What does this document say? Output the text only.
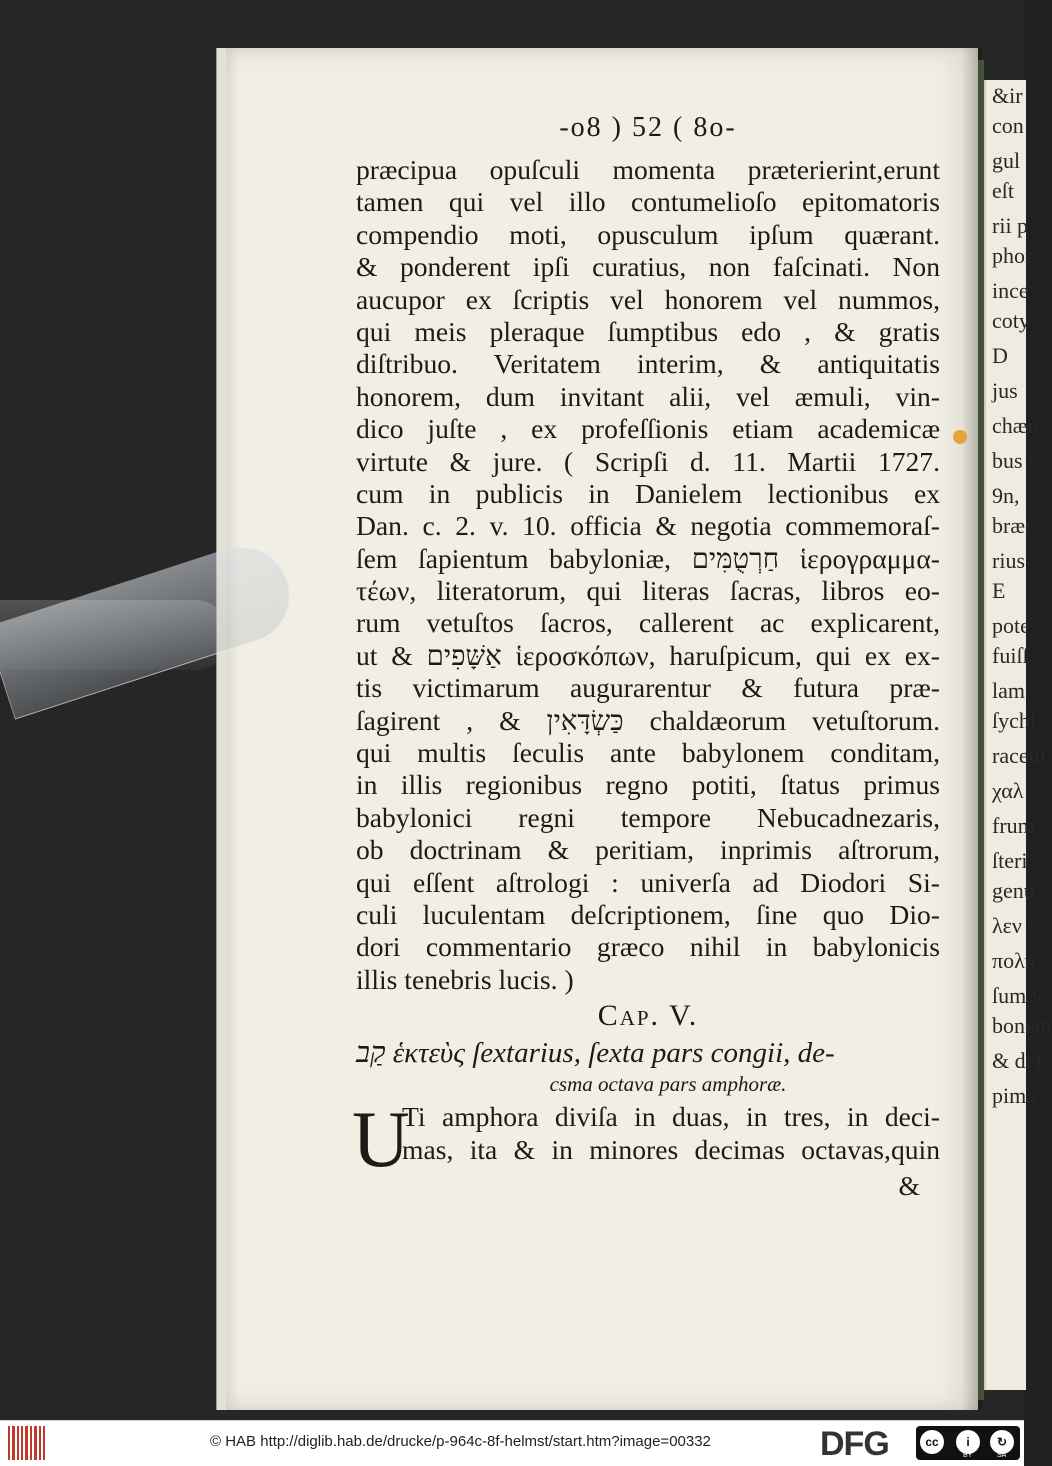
&ir
con
gul
eſt
rii p
phor
ince
coty
D
jus
chæn
bus c
9n,
bræc
rius
E
pote:
fuiſſ
lam
ſychi
racem
χαλ
frum
ſteri
genu
λεν τ
πολυ
ſum v
bonem
& def
pima
-o8 ) 52 ( 8o-
præcipua opuſculi momenta præterierint,erunt
tamen qui vel illo contumelioſo epitomatoris
compendio moti, opusculum ipſum quærant.
& ponderent ipſi curatius, non faſcinati. Non
aucupor ex ſcriptis vel honorem vel nummos,
qui meis pleraque ſumptibus edo , & gratis
diſtribuo. Veritatem interim, & antiquitatis
honorem, dum invitant alii, vel æmuli, vin-
dico juſte , ex profeſſionis etiam academicæ
virtute & jure. ( Scripſi d. 11. Martii 1727.
cum in publicis in Danielem lectionibus ex
Dan. c. 2. v. 10. officia & negotia commemoraſ-
ſem ſapientum babyloniæ, חַרְטֻמִּים ἱερογραμμα-
τέων, literatorum, qui literas ſacras, libros eo-
rum vetuſtos ſacros, callerent ac explicarent,
ut & אַשָּׁפִים ἱεροσκόπων, haruſpicum, qui ex ex-
tis victimarum augurarentur & futura præ-
ſagirent , & כַּשְׂדָּאִין chaldæorum vetuſtorum.
qui multis ſeculis ante babylonem conditam,
in illis regionibus regno potiti, ſtatus primus
babylonici regni tempore Nebucadnezaris,
ob doctrinam & peritiam, inprimis aſtrorum,
qui eſſent aſtrologi : univerſa ad Diodori Si-
culi luculentam deſcriptionem, ſine quo Dio-
dori commentario græco nihil in babylonicis
illis tenebris lucis. )
Cap. V.
קַב ἑκτεὺς ſextarius, ſexta pars congii, de-
csma octava pars amphoræ.
U
Ti amphora diviſa in duas, in tres, in deci-
mas, ita & in minores decimas octavas,quin
&
© HAB http://diglib.hab.de/drucke/p-964c-8f-helmst/start.htm?image=00332	DFG	cc	i	↻
BY	SA
